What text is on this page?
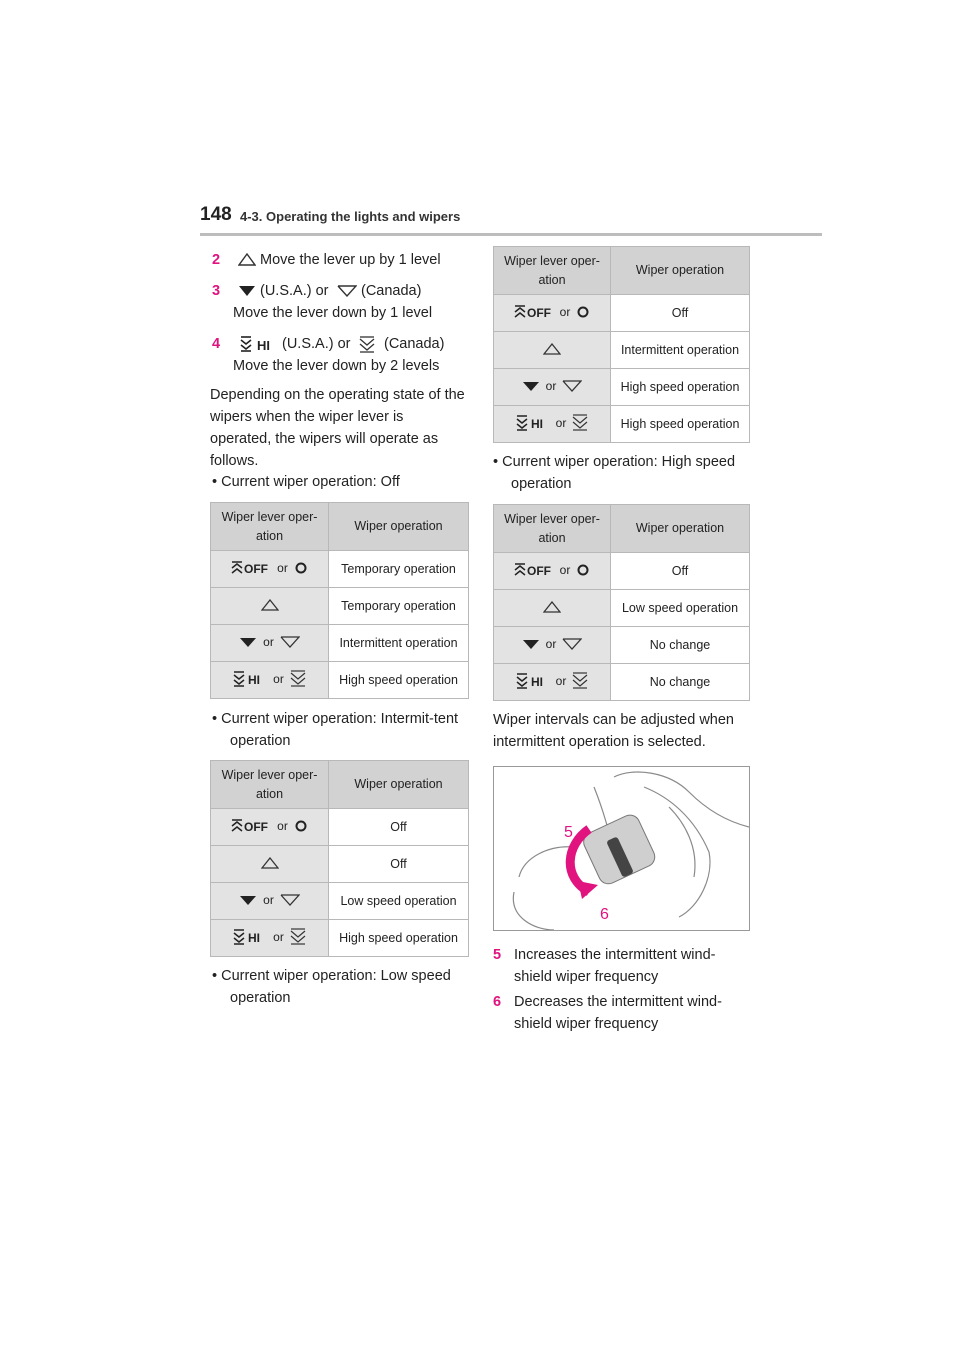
148 4-3. Operating the lights and wipers
2	Move the lever up by 1 level
3	(U.S.A.) or (Canada)
Move the lever down by 1 level
4	HI (U.S.A.) or (Canada)
Move the lever down by 2 levels
Depending on the operating state of the wipers when the wiper lever is operated, the wipers will operate as follows.
• Current wiper operation: Off
Wiper lever oper-ation	Wiper operation

OFF or	Temporary operation

	Temporary operation

or	Intermittent operation

HI or	High speed operation
• Current wiper operation: Intermit-tent operation
Wiper lever oper-ation	Wiper operation

OFF or	Off

	Off

or	Low speed operation

HI or	High speed operation
• Current wiper operation: Low speed operation
Wiper lever oper-ation	Wiper operation

OFF or	Off

	Intermittent operation

or	High speed operation

HI or	High speed operation
• Current wiper operation: High speed operation
Wiper lever oper-ation	Wiper operation

OFF or	Off

	Low speed operation

or	No change

HI or	No change
Wiper intervals can be adjusted when intermittent operation is selected.
5
6
5 Increases the intermittent wind-shield wiper frequency
6 Decreases the intermittent wind-shield wiper frequency
